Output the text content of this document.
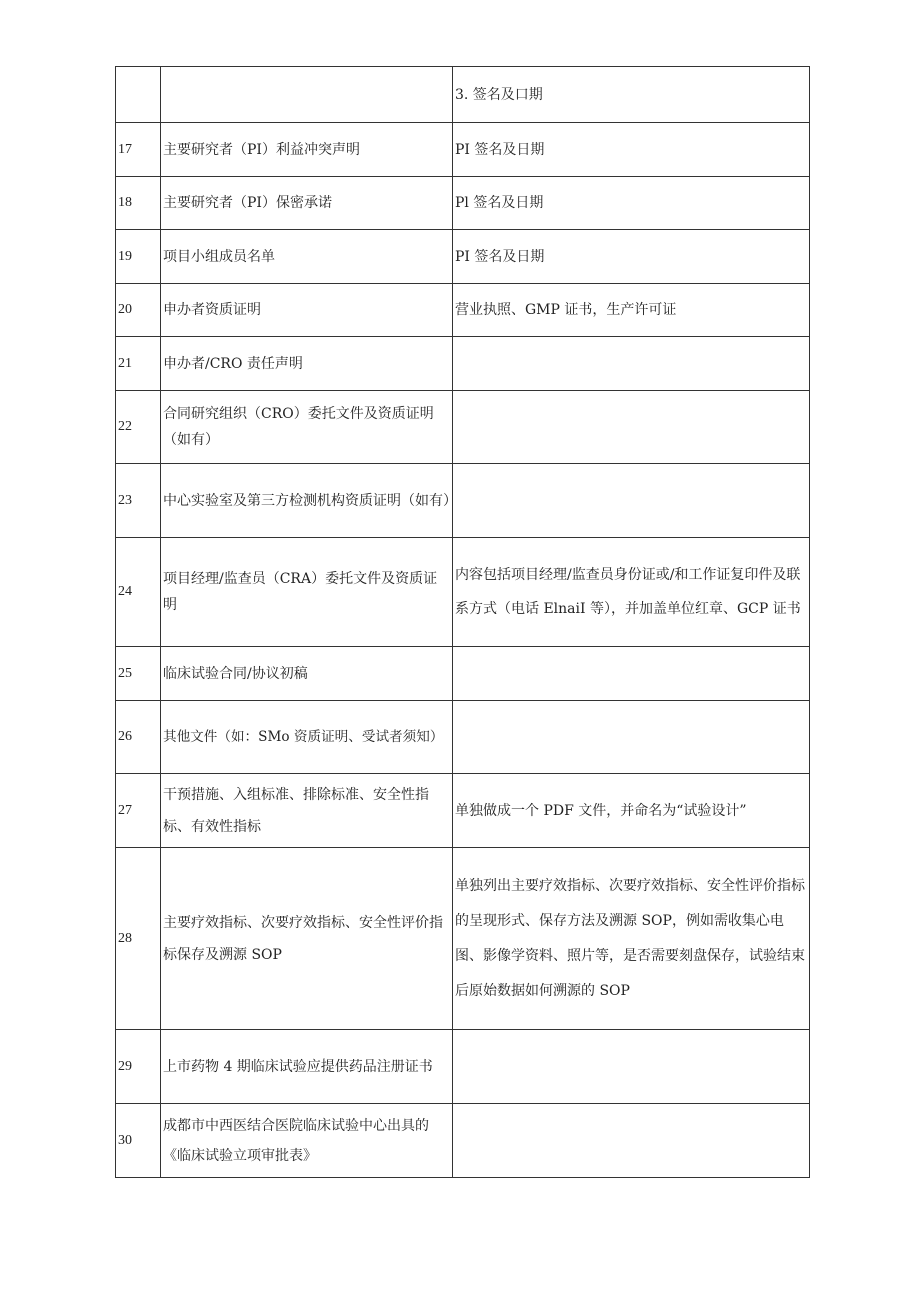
		3. 签名及口期
17	主要研究者（PI）利益冲突声明	PI 签名及日期
18	主要研究者（PI）保密承诺	Pl 签名及日期
19	项目小组成员名单	PI 签名及日期
20	申办者资质证明	营业执照、GMP 证书，生产许可证
21	申办者/CRO 责任声明	
22	合同研究组织（CRO）委托文件及资质证明（如有）	
23	中心实验室及第三方检测机构资质证明（如有）	
24	项目经理/监查员（CRA）委托文件及资质证明	内容包括项目经理/监查员身份证或/和工作证复印件及联系方式（电话 ElnaiI 等），并加盖单位红章、GCP 证书
25	临床试验合同/协议初稿	
26	其他文件（如：SMo 资质证明、受试者须知）	
27	干预措施、入组标准、排除标准、安全性指标、有效性指标	单独做成一个 PDF 文件，并命名为“试验设计”
28	主要疗效指标、次要疗效指标、安全性评价指标保存及溯源 SOP	单独列出主要疗效指标、次要疗效指标、安全性评价指标的呈现形式、保存方法及溯源 SOP，例如需收集心电图、影像学资料、照片等，是否需要刻盘保存，试验结束后原始数据如何溯源的 SOP
29	上市药物 4 期临床试验应提供药品注册证书	
30	成都市中西医结合医院临床试验中心出具的《临床试验立项审批表》	
